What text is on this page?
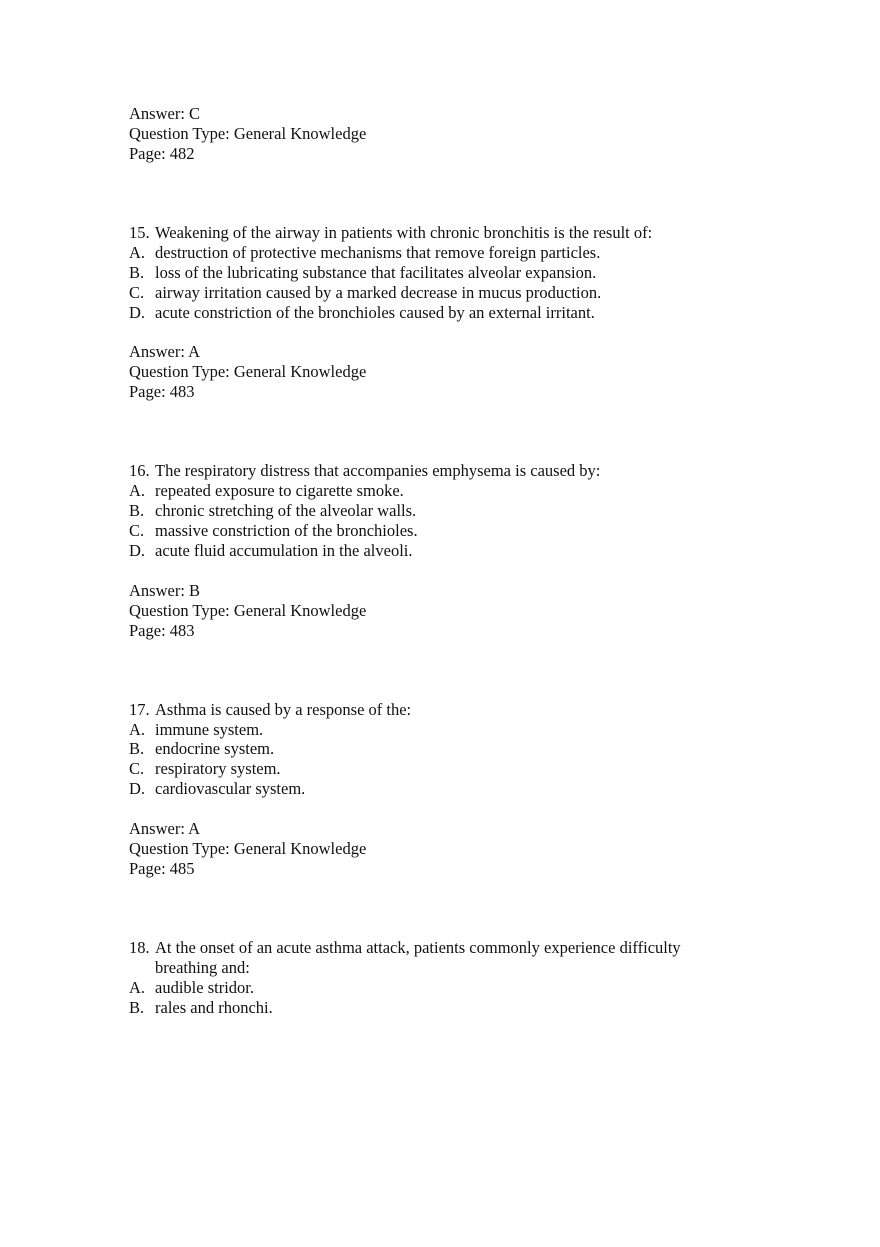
Answer: C
Question Type: General Knowledge
Page: 482
15. Weakening of the airway in patients with chronic bronchitis is the result of:
A. destruction of protective mechanisms that remove foreign particles.
B. loss of the lubricating substance that facilitates alveolar expansion.
C. airway irritation caused by a marked decrease in mucus production.
D. acute constriction of the bronchioles caused by an external irritant.
Answer: A
Question Type: General Knowledge
Page: 483
16. The respiratory distress that accompanies emphysema is caused by:
A. repeated exposure to cigarette smoke.
B. chronic stretching of the alveolar walls.
C. massive constriction of the bronchioles.
D. acute fluid accumulation in the alveoli.
Answer: B
Question Type: General Knowledge
Page: 483
17. Asthma is caused by a response of the:
A. immune system.
B. endocrine system.
C. respiratory system.
D. cardiovascular system.
Answer: A
Question Type: General Knowledge
Page: 485
18. At the onset of an acute asthma attack, patients commonly experience difficulty breathing and:
A. audible stridor.
B. rales and rhonchi.
